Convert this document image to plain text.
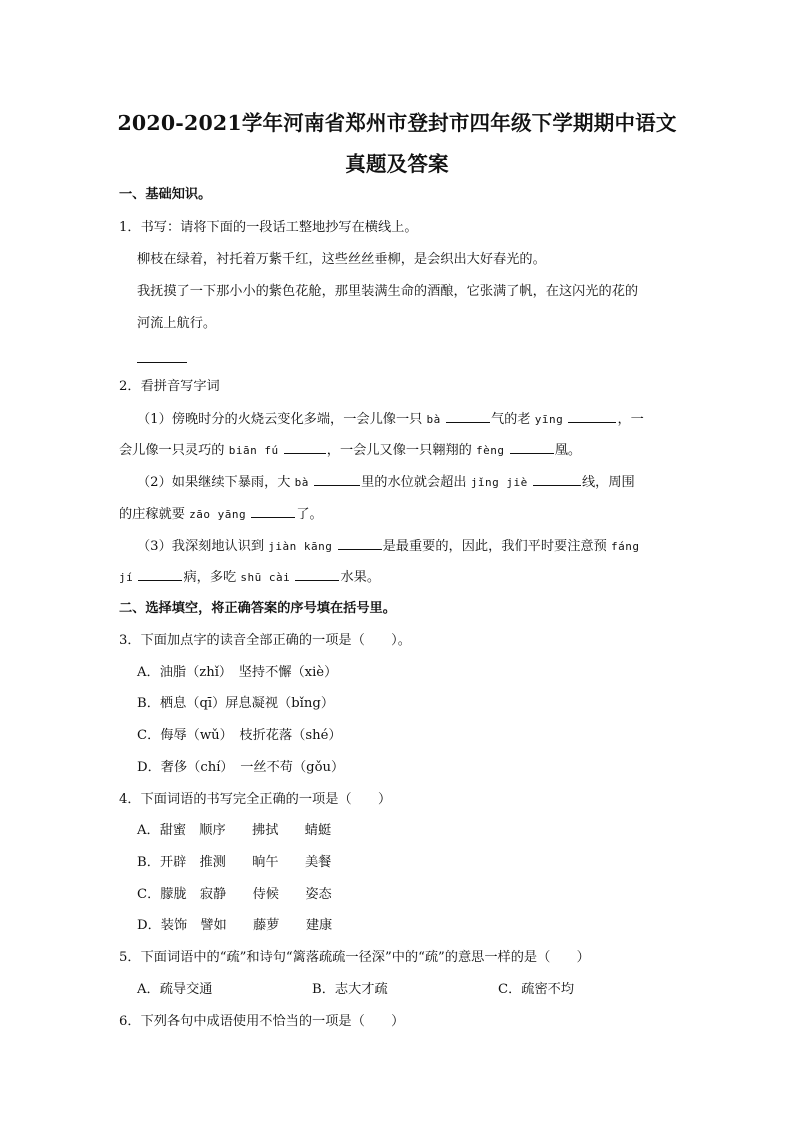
2020-2021学年河南省郑州市登封市四年级下学期期中语文
真题及答案
一、基础知识。
1．书写：请将下面的一段话工整地抄写在横线上。
柳枝在绿着，衬托着万紫千红，这些丝丝垂柳，是会织出大好春光的。
我抚摸了一下那小小的紫色花舱，那里装满生命的酒酿，它张满了帆，在这闪光的花的
河流上航行。
2．看拼音写字词
（1）傍晚时分的火烧云变化多端，一会儿像一只 bà	气的老 yīng	，一
会儿像一只灵巧的 biān fú	，一会儿又像一只翱翔的 fèng	凰。
（2）如果继续下暴雨，大 bà	里的水位就会超出 jǐng jiè	线，周围
的庄稼就要 zāo yāng	了。
（3）我深刻地认识到 jiàn kāng	是最重要的，因此，我们平时要注意预 fáng
jí	病，多吃 shū cài	水果。
二、选择填空，将正确答案的序号填在括号里。
3．下面加点字的读音全部正确的一项是（　　）。
A．油脂（zhǐ）　坚持不懈（xiè）
B．栖息（qī）屏息凝视（bǐng）
C．侮辱（wǔ）　枝折花落（shé）
D．奢侈（chí）　一丝不苟（gǒu）
4．下面词语的书写完全正确的一项是（　　）
A．甜蜜　顺序　　拂拭　　蜻蜓
B．开辟　推测　　晌午　　美餐
C．朦胧　寂静　　侍候　　姿态
D．装饰　譬如　　藤萝　　建康
5．下面词语中的“疏”和诗句“篱落疏疏一径深”中的“疏”的意思一样的是（　　）
A．疏导交通	B．志大才疏	C．疏密不均
6．下列各句中成语使用不恰当的一项是（　　）
